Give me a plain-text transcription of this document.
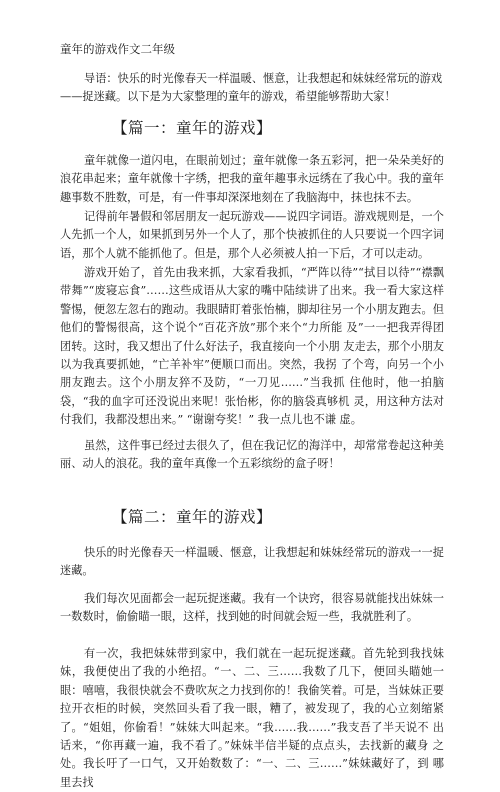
童年的游戏作文二年级

导语：快乐的时光像春天一样温暖、惬意，让我想起和妹妹经常玩的游戏——捉迷藏。以下是为大家整理的童年的游戏，希望能够帮助大家！

【篇一：童年的游戏】

童年就像一道闪电，在眼前划过；童年就像一条五彩河，把一朵朵美好的浪花串起来；童年就像十字绣，把我的童年趣事永远绣在了我心中。我的童年趣事数不胜数，可是，有一件事却深深地刻在了我脑海中，抹也抹不去。

记得前年暑假和邻居朋友一起玩游戏——说四字词语。游戏规则是，一个人先抓一个人，如果抓到另外一个人了，那个快被抓住的人只要说一个四字词语，那个人就不能抓他了。但是，那个人必须被人拍一下后，才可以走动。

游戏开始了，首先由我来抓，大家看我抓，“严阵以待”“拭目以待”“襟飘带舞”“废寝忘食”……这些成语从大家的嘴中陆续讲了出来。我一看大家这样警惕，便忽左忽右的跑动。我眼睛盯着张怡楠，脚却往另一个小朋友跑去。但他们的警惕很高，这个说个“百花齐放”那个来个“力所能 及”一一把我弄得团团转。这时，我又想出了什么好法子，我直接向一个小朋 友走去，那个小朋友以为我真要抓她，“亡羊补牢”便顺口而出。突然，我拐 了个弯，向另一个小朋友跑去。这个小朋友猝不及防，“一刀见……”当我抓 住他时，他一拍脑袋，“我的血字可还没说出来呢！张怡彬，你的脑袋真够机 灵，用这种方法对付我们，我都没想出来。” “谢谢夸奖！” 我一点儿也不谦 虚。

虽然，这件事已经过去很久了，但在我记忆的海洋中，却常常卷起这种美丽、动人的浪花。我的童年真像一个五彩缤纷的盒子呀！

【篇二：童年的游戏】

快乐的时光像春天一样温暖、惬意，让我想起和妹妹经常玩的游戏一一捉迷藏。

我们每次见面都会一起玩捉迷藏。我有一个诀窍，很容易就能找出妹妹一一数数时，偷偷瞄一眼，这样，找到她的时间就会短一些，我就胜利了。

有一次，我把妹妹带到家中，我们就在一起玩捉迷藏。首先轮到我找妹 妹，我便使出了我的小绝招。“一、二、三……我数了几下，便回头瞄她一 眼：嘻嘻，我很快就会不费吹灰之力找到你的！我偷笑着。可是，当妹妹正要 拉开衣柜的时候，突然回头看了我一眼，糟了，被发现了，我的心立刻缩紧 了。“姐姐，你偷看！”妹妹大叫起来。“我……我……”我支吾了半天说不 出话来，“你再藏一遍，我不看了。”妹妹半信半疑的点点头，去找新的藏身 之处。我长吁了一口气，又开始数数了：“一、二、三……”妹妹藏好了，到 哪里去找
